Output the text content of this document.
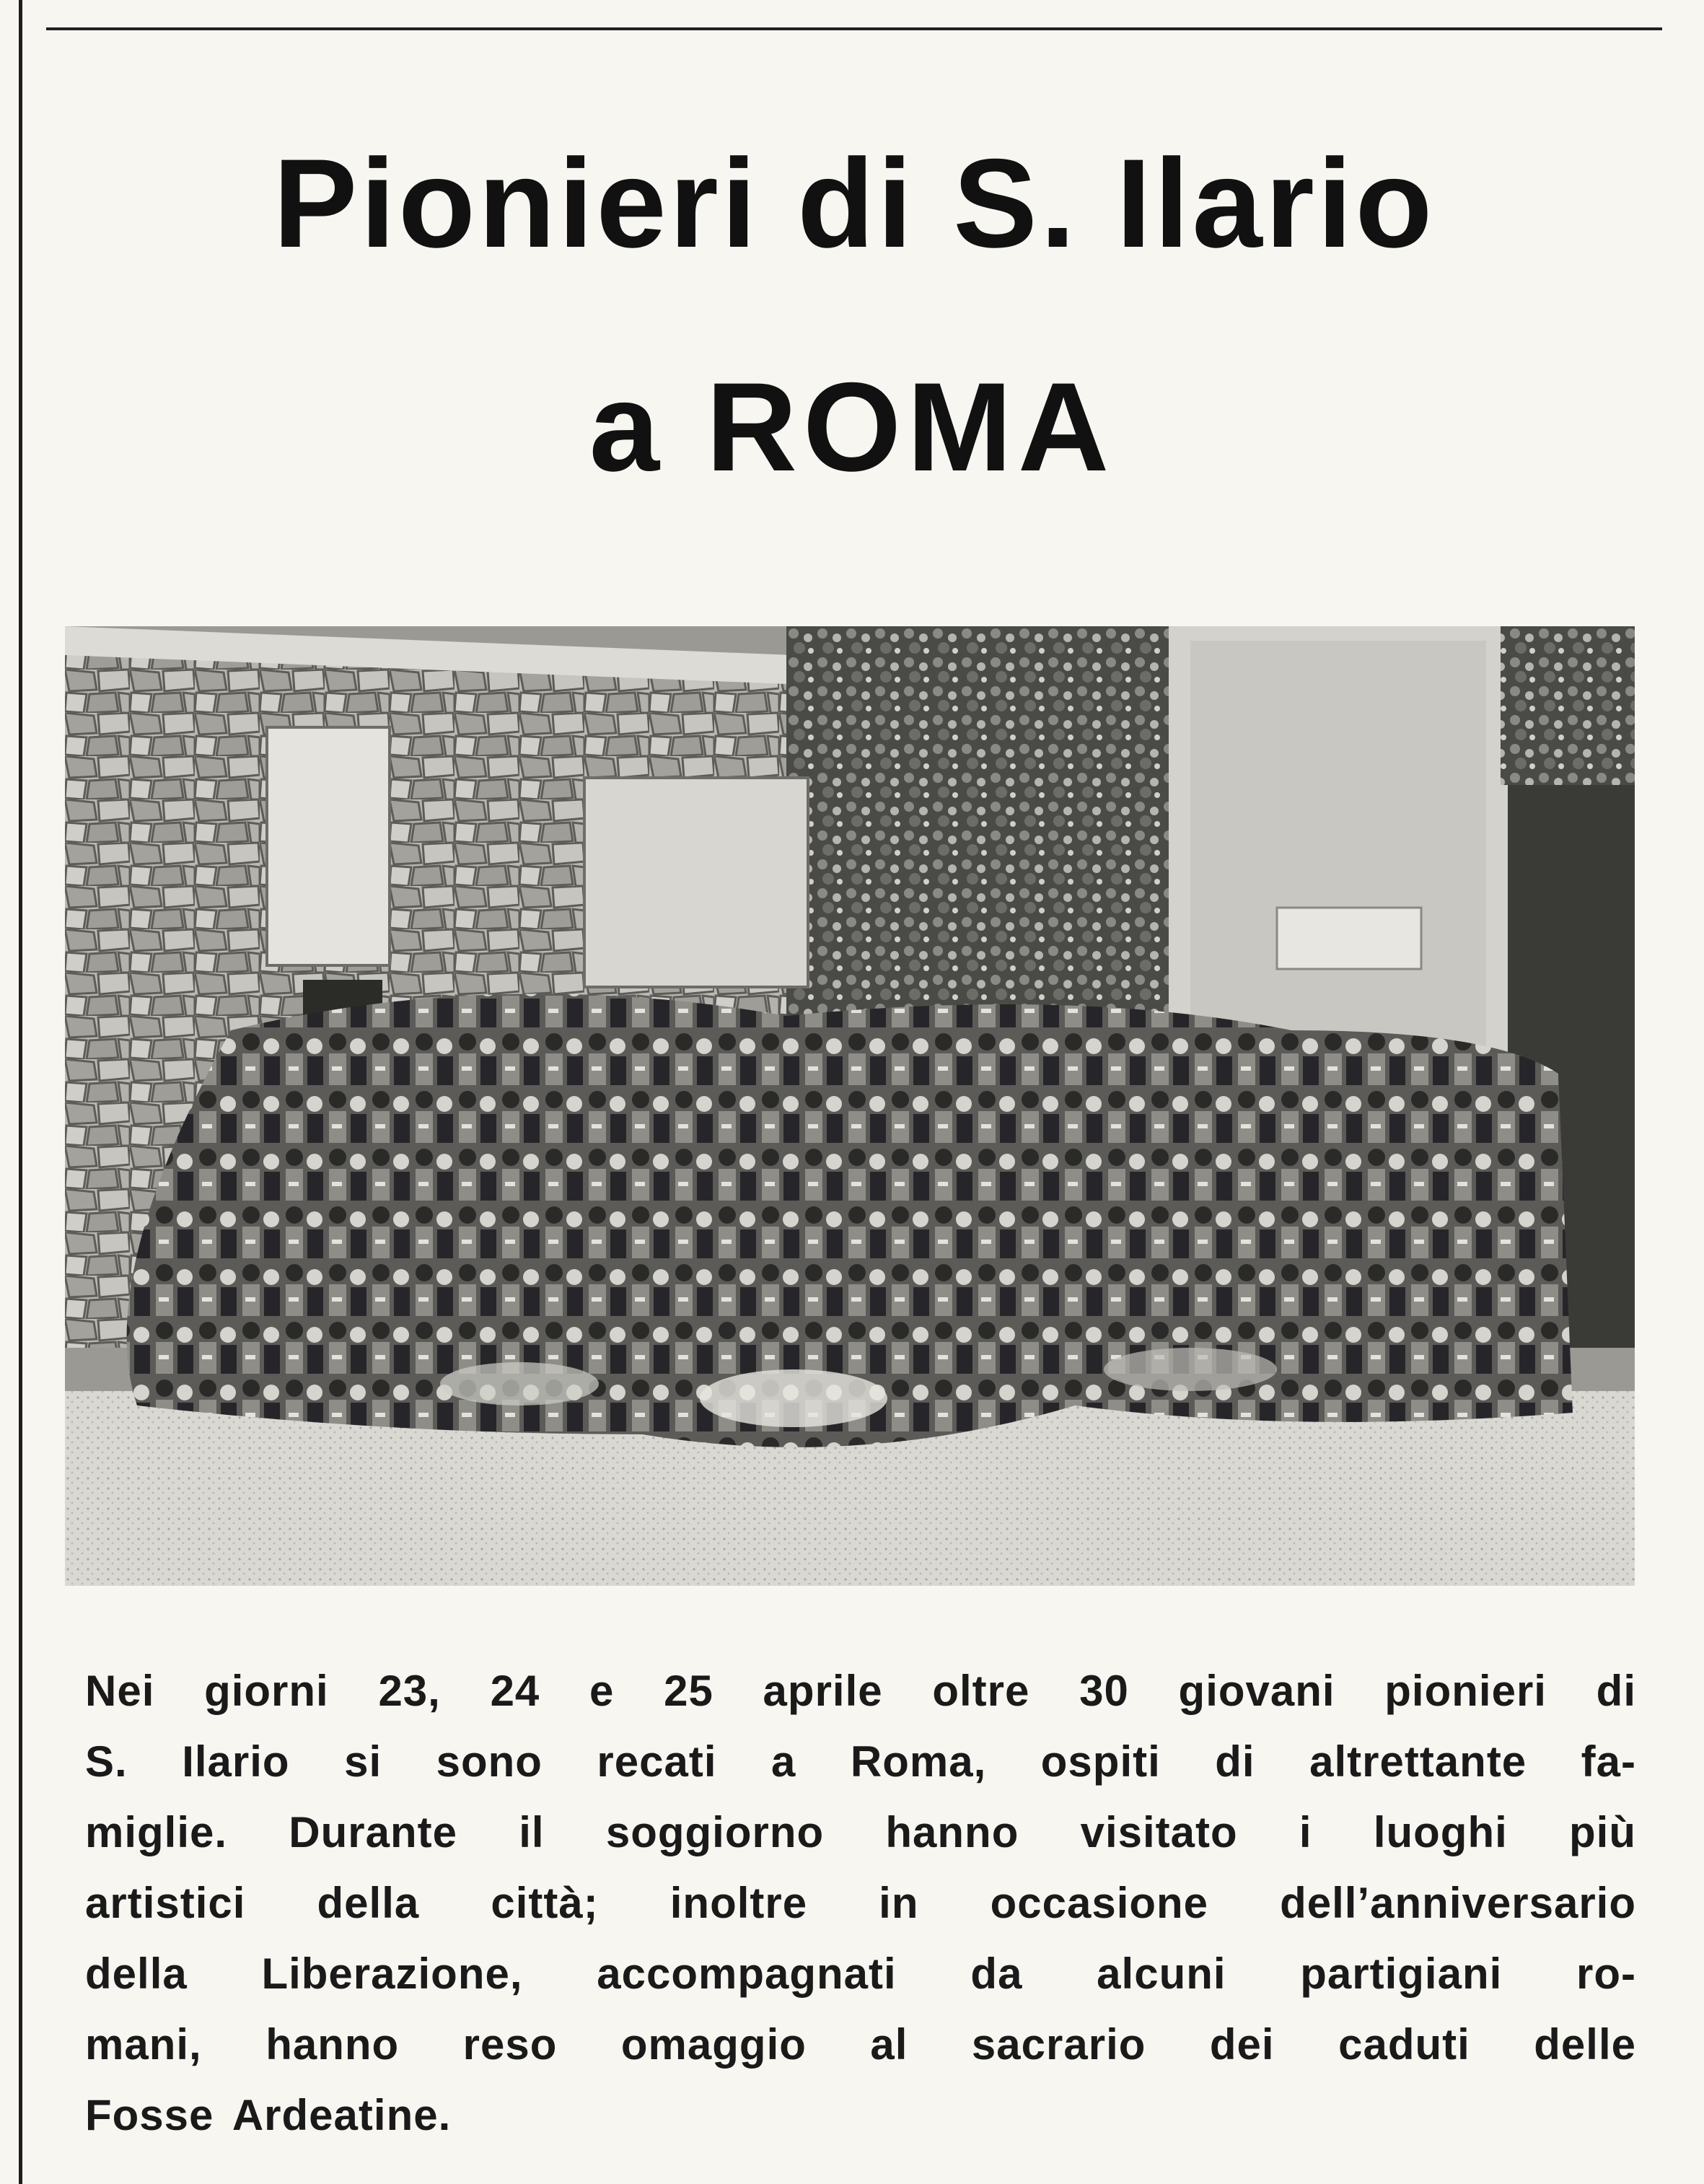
Pionieri di S. Ilario
a ROMA

Nei giorni 23, 24 e 25 aprile oltre 30 giovani pionieri di
S. Ilario si sono recati a Roma, ospiti di altrettante fa-
miglie. Durante il soggiorno hanno visitato i luoghi più
artistici della città; inoltre in occasione dell’anniversario
della Liberazione, accompagnati da alcuni partigiani ro-
mani, hanno reso omaggio al sacrario dei caduti delle
Fosse Ardeatine.
